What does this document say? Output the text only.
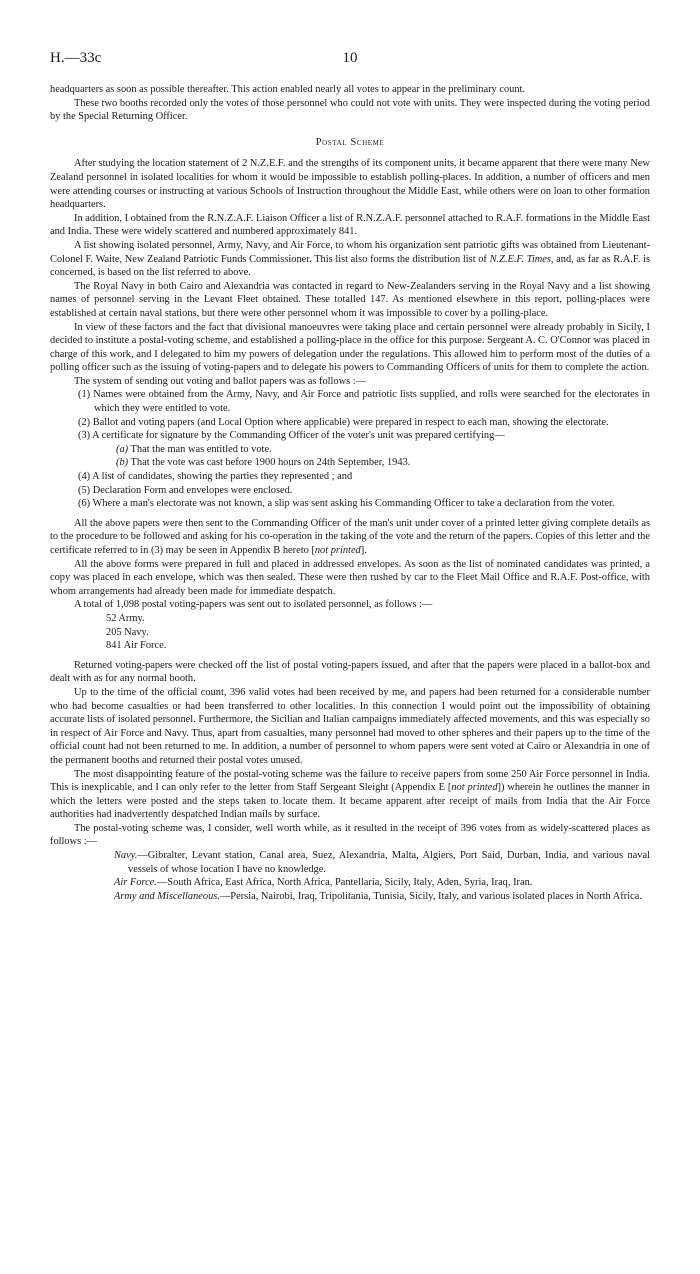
H.—33c	10

headquarters as soon as possible thereafter. This action enabled nearly all votes to appear in the preliminary count.

These two booths recorded only the votes of those personnel who could not vote with units. They were inspected during the voting period by the Special Returning Officer.

Postal Scheme

After studying the location statement of 2 N.Z.E.F. and the strengths of its component units, it became apparent that there were many New Zealand personnel in isolated localities for whom it would be impossible to establish polling-places. In addition, a number of officers and men were attending courses or instructing at various Schools of Instruction throughout the Middle East, while others were on loan to other formation headquarters.

In addition, I obtained from the R.N.Z.A.F. Liaison Officer a list of R.N.Z.A.F. personnel attached to R.A.F. formations in the Middle East and India. These were widely scattered and numbered approximately 841.

A list showing isolated personnel, Army, Navy, and Air Force, to whom his organization sent patriotic gifts was obtained from Lieutenant-Colonel F. Waite, New Zealand Patriotic Funds Commissioner. This list also forms the distribution list of N.Z.E.F. Times, and, as far as R.A.F. is concerned, is based on the list referred to above.

The Royal Navy in both Cairo and Alexandria was contacted in regard to New-Zealanders serving in the Royal Navy and a list showing names of personnel serving in the Levant Fleet obtained. These totalled 147. As mentioned elsewhere in this report, polling-places were established at certain naval stations, but there were other personnel whom it was impossible to cover by a polling-place.

In view of these factors and the fact that divisional manoeuvres were taking place and certain personnel were already probably in Sicily, I decided to institute a postal-voting scheme, and established a polling-place in the office for this purpose. Sergeant A. C. O'Connor was placed in charge of this work, and I delegated to him my powers of delegation under the regulations. This allowed him to perform most of the duties of a polling officer such as the issuing of voting-papers and to delegate his powers to Commanding Officers of units for them to complete the action.

The system of sending out voting and ballot papers was as follows :—

(1) Names were obtained from the Army, Navy, and Air Force and patriotic lists supplied, and rolls were searched for the electorates in which they were entitled to vote.

(2) Ballot and voting papers (and Local Option where applicable) were prepared in respect to each man, showing the electorate.

(3) A certificate for signature by the Commanding Officer of the voter's unit was prepared certifying—

(a) That the man was entitled to vote.

(b) That the vote was cast before 1900 hours on 24th September, 1943.

(4) A list of candidates, showing the parties they represented ; and

(5) Declaration Form and envelopes were enclosed.

(6) Where a man's electorate was not known, a slip was sent asking his Commanding Officer to take a declaration from the voter.

All the above papers were then sent to the Commanding Officer of the man's unit under cover of a printed letter giving complete details as to the procedure to be followed and asking for his co-operation in the taking of the vote and the return of the papers. Copies of this letter and the certificate referred to in (3) may be seen in Appendix B hereto [not printed].

All the above forms were prepared in full and placed in addressed envelopes. As soon as the list of nominated candidates was printed, a copy was placed in each envelope, which was then sealed. These were then rushed by car to the Fleet Mail Office and R.A.F. Post-office, with whom arrangements had already been made for immediate despatch.

A total of 1,098 postal voting-papers was sent out to isolated personnel, as follows :—

52 Army.

205 Navy.

841 Air Force.

Returned voting-papers were checked off the list of postal voting-papers issued, and after that the papers were placed in a ballot-box and dealt with as for any normal booth.

Up to the time of the official count, 396 valid votes had been received by me, and papers had been returned for a considerable number who had become casualties or had been transferred to other localities. In this connection I would point out the impossibility of obtaining accurate lists of isolated personnel. Furthermore, the Sicilian and Italian campaigns immediately affected movements, and this was especially so in respect of Air Force and Navy. Thus, apart from casualties, many personnel had moved to other spheres and their papers up to the time of the official count had not been returned to me. In addition, a number of personnel to whom papers were sent voted at Cairo or Alexandria in one of the permanent booths and returned their postal votes unused.

The most disappointing feature of the postal-voting scheme was the failure to receive papers from some 250 Air Force personnel in India. This is inexplicable, and I can only refer to the letter from Staff Sergeant Sleight (Appendix E [not printed]) wherein he outlines the manner in which the letters were posted and the steps taken to locate them. It became apparent after receipt of mails from India that the Air Force authorities had inadvertently despatched Indian mails by surface.

The postal-voting scheme was, I consider, well worth while, as it resulted in the receipt of 396 votes from as widely-scattered places as follows :—

Navy.—Gibralter, Levant station, Canal area, Suez, Alexandria, Malta, Algiers, Port Said, Durban, India, and various naval vessels of whose location I have no knowledge.

Air Force.—South Africa, East Africa, North Africa, Pantellaria, Sicily, Italy, Aden, Syria, Iraq, Iran.

Army and Miscellaneous.—Persia, Nairobi, Iraq, Tripolitania, Tunisia, Sicily, Italy, and various isolated places in North Africa.
